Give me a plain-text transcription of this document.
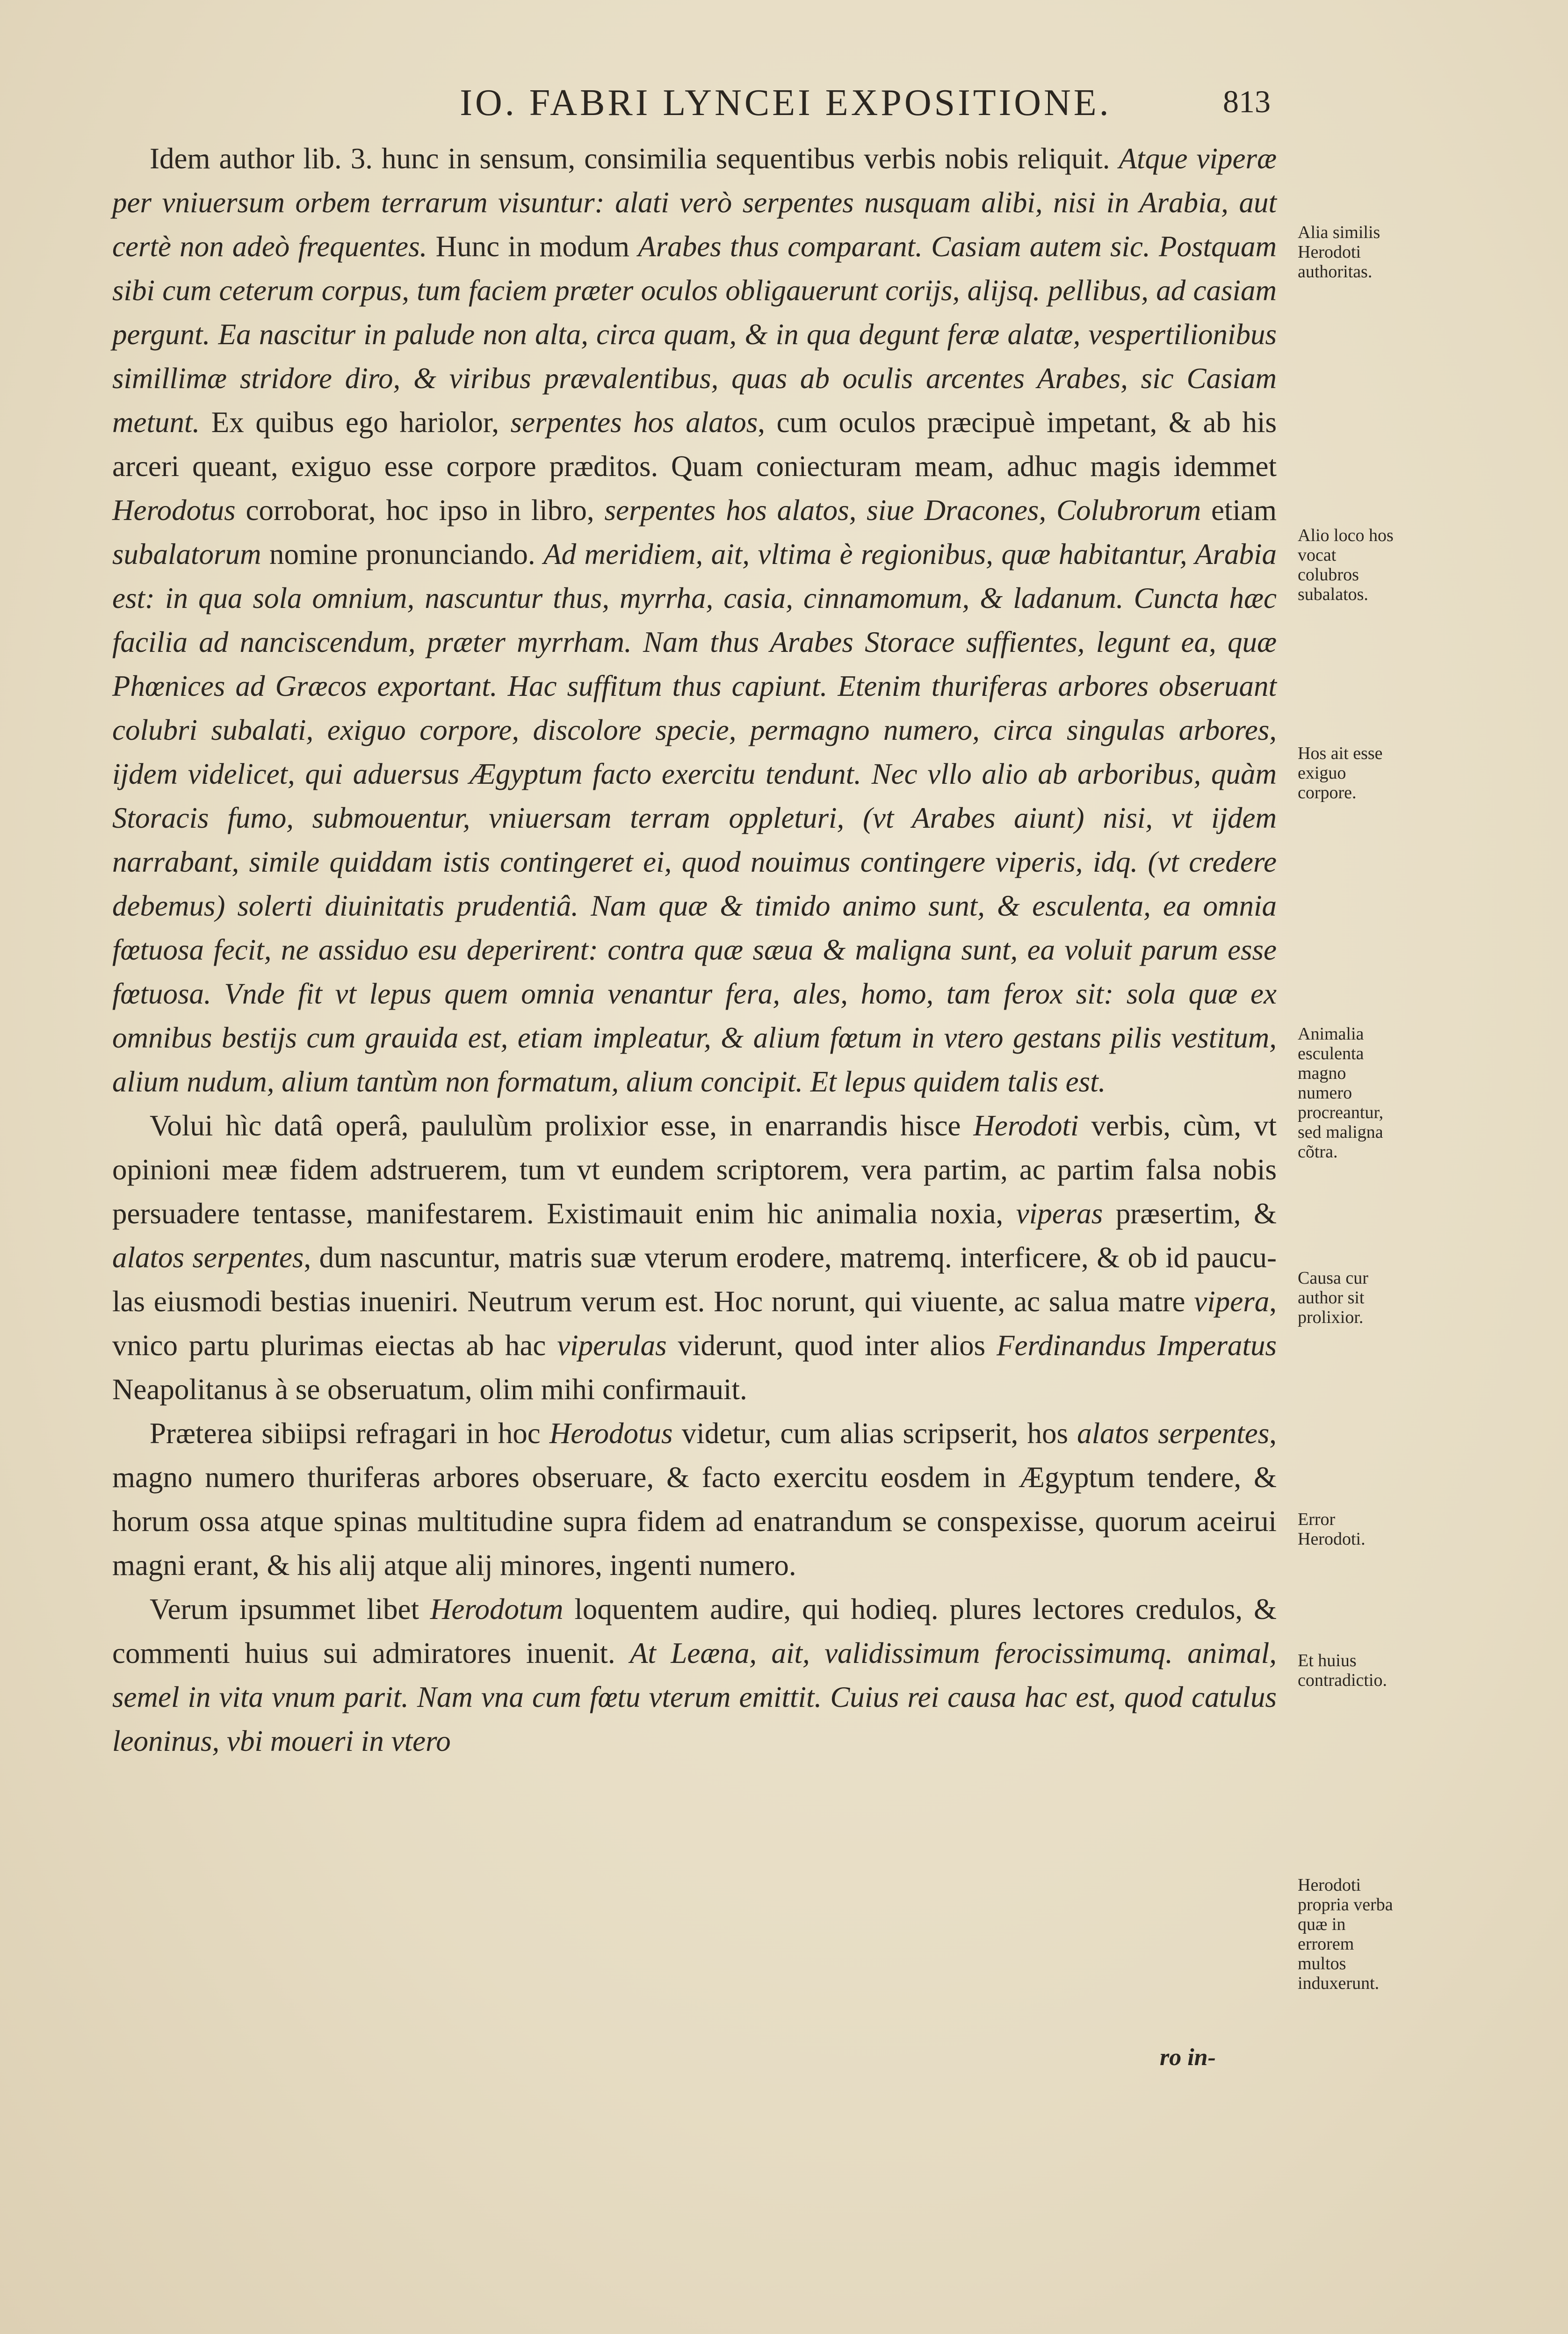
IO. FABRI LYNCEI EXPOSITIONE.	813

Idem author lib. 3. hunc in sensum, consimilia sequentibus verbis nobis reliquit. Atque viperæ per vniuersum orbem terrarum visuntur: alati verò serpentes nusquam alibi, nisi in Arabia, aut certè non adeò frequentes. Hunc in modum Arabes thus comparant. Casiam autem sic. Postquam sibi cum ceterum corpus, tum faciem præter oculos obligauerunt corijs, alijsq. pellibus, ad casiam pergunt. Ea nascitur in palude non alta, circa quam, & in qua degunt feræ alatæ, vespertilionibus simillimæ stridore diro, & viribus prævalentibus, quas ab oculis arcentes Arabes, sic Casiam metunt. Ex quibus ego hariolor, serpentes hos alatos, cum oculos præcipuè impetant, & ab his arceri queant, exiguo esse corpore præditos. Quam coniecturam meam, adhuc magis idemmet Herodotus corroborat, hoc ipso in libro, serpentes hos alatos, siue Dracones, Colubrorum etiam subalatorum nomine pronunciando. Ad meridiem, ait, vltima è regionibus, quæ habitantur, Arabia est: in qua sola omnium, nascuntur thus, myrrha, casia, cinnamomum, & ladanum. Cuncta hæc facilia ad nanciscendum, præter myrrham. Nam thus Arabes Storace suffientes, legunt ea, quæ Phœnices ad Græcos exportant. Hac suffitum thus capiunt. Etenim thuriferas arbores obseruant colubri subalati, exiguo corpore, discolore specie, permagno numero, circa singulas arbores, ijdem videlicet, qui aduersus Ægyptum facto exercitu tendunt. Nec vllo alio ab arboribus, quàm Storacis fumo, submouentur, vniuersam terram oppleturi, (vt Arabes aiunt) nisi, vt ijdem narrabant, simile quiddam istis contingeret ei, quod nouimus contingere viperis, idq. (vt credere debemus) solerti diuinitatis prudentiâ. Nam quæ & timido animo sunt, & esculenta, ea omnia fœtuosa fecit, ne assiduo esu deperirent: contra quæ sæua & maligna sunt, ea voluit parum esse fœtuosa. Vnde fit vt lepus quem omnia venantur fera, ales, homo, tam ferox sit: sola quæ ex omnibus bestijs cum grauida est, etiam impleatur, & alium fœtum in vtero gestans pilis vestitum, alium nudum, alium tantùm non formatum, alium concipit. Et lepus quidem talis est.

Volui hìc datâ operâ, paululùm prolixior esse, in enarrandis hisce Herodoti verbis, cùm, vt opinioni meæ fidem adstruerem, tum vt eundem scriptorem, vera partim, ac partim falsa nobis persuadere tentasse, manifestarem. Existimauit enim hic animalia noxia, viperas præsertim, & alatos serpentes, dum nascuntur, matris suæ vterum erodere, matremq. interficere, & ob id paucu-las eiusmodi bestias inueniri. Neutrum verum est. Hoc norunt, qui viuente, ac salua matre vipera, vnico partu plurimas eiectas ab hac viperulas viderunt, quod inter alios Ferdinandus Imperatus Neapolitanus à se obseruatum, olim mihi confirmauit.

Præterea sibiipsi refragari in hoc Herodotus videtur, cum alias scripserit, hos alatos serpentes, magno numero thuriferas arbores obseruare, & facto exercitu eosdem in Ægyptum tendere, & horum ossa atque spinas multitudine supra fidem ad enatrandum se conspexisse, quorum aceirui magni erant, & his alij atque alij minores, ingenti numero.

Verum ipsummet libet Herodotum loquentem audire, qui hodieq. plures lectores credulos, & commenti huius sui admiratores inuenit. At Leæna, ait, validissimum ferocissimumq. animal, semel in vita vnum parit. Nam vna cum fœtu vterum emittit. Cuius rei causa hac est, quod catulus leoninus, vbi moueri in vtero

ro in-
Alia similis Herodoti authoritas.
Alio loco hos vocat colubros subalatos.
Hos ait esse exiguo corpore.
Animalia esculenta magno numero procreantur, sed maligna cõtra.
Causa cur author sit prolixior.
Error Herodoti.
Et huius contradictio.
Herodoti propria verba quæ in errorem multos induxerunt.
